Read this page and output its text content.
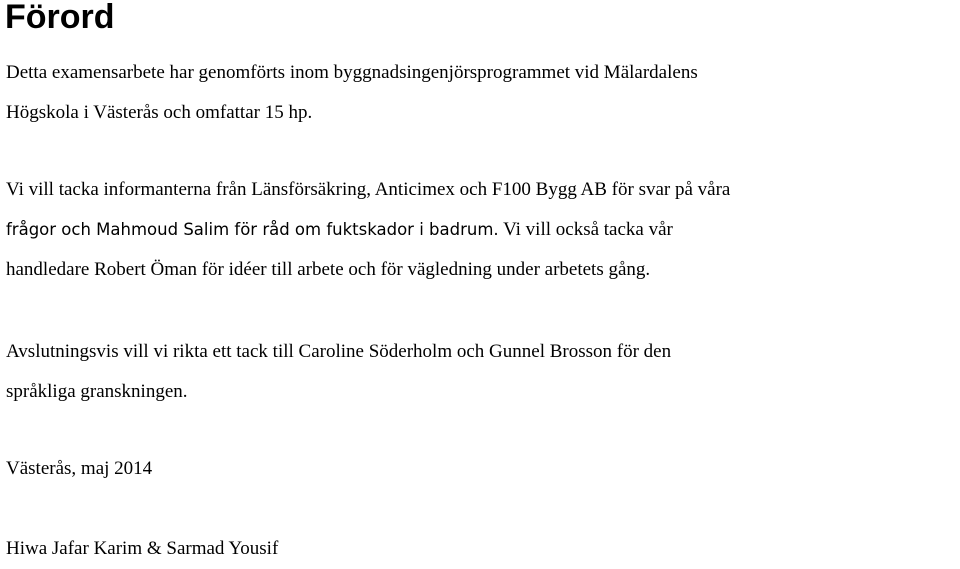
Förord

Detta examensarbete har genomförts inom byggnadsingenjörsprogrammet vid Mälardalens
Högskola i Västerås och omfattar 15 hp.

Vi vill tacka informanterna från Länsförsäkring, Anticimex och F100 Bygg AB för svar på våra
frågor och Mahmoud Salim för råd om fuktskador i badrum. Vi vill också tacka vår
handledare Robert Öman för idéer till arbete och för vägledning under arbetets gång.

Avslutningsvis vill vi rikta ett tack till Caroline Söderholm och Gunnel Brosson för den
språkliga granskningen.

Västerås, maj 2014

Hiwa Jafar Karim & Sarmad Yousif
